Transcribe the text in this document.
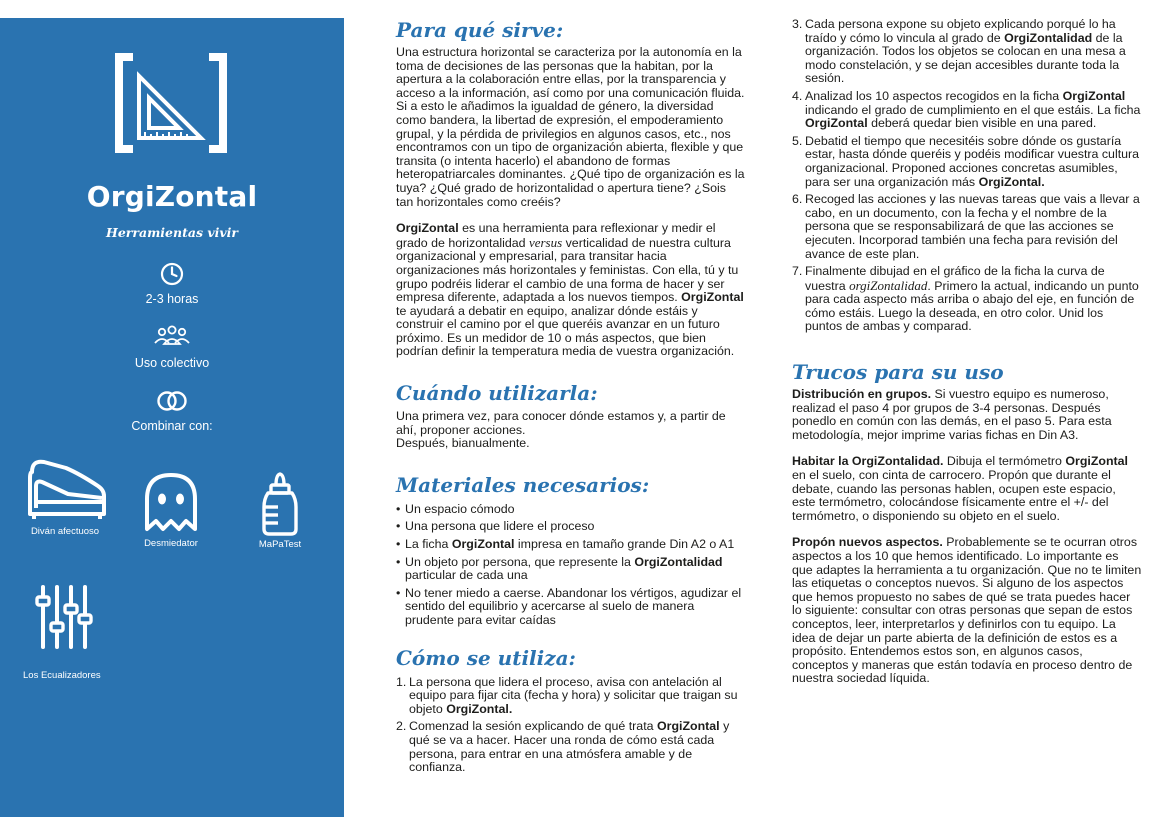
OrgiZontal
Herramientas vivir
2-3 horas
Uso colectivo
Combinar con:
Diván afectuoso
Desmiedator	MaPaTest
Los Ecualizadores
Para qué sirve:

Una estructura horizontal se caracteriza por la autonomía en la toma de decisiones de las personas que la habitan, por la apertura a la colaboración entre ellas, por la transparencia y acceso a la información, así como por una comunicación fluida. Si a esto le añadimos la igualdad de género, la diversidad como bandera, la libertad de expresión, el empoderamiento grupal, y la pérdida de privilegios en algunos casos, etc., nos encontramos con un tipo de organización abierta, flexible y que transita (o intenta hacerlo) el abandono de formas heteropatriarcales dominantes. ¿Qué tipo de organización es la tuya? ¿Qué grado de horizontalidad o apertura tiene? ¿Sois tan horizontales como creéis?

OrgiZontal es una herramienta para reflexionar y medir el grado de horizontalidad versus verticalidad de nuestra cultura organizacional y empresarial, para transitar hacia organizaciones más horizontales y feministas. Con ella, tú y tu grupo podréis liderar el cambio de una forma de hacer y ser empresa diferente, adaptada a los nuevos tiempos. OrgiZontal te ayudará a debatir en equipo, analizar dónde estáis y construir el camino por el que queréis avanzar en un futuro próximo. Es un medidor de 10 o más aspectos, que bien podrían definir la temperatura media de vuestra organización.

Cuándo utilizarla:

Una primera vez, para conocer dónde estamos y, a partir de ahí, proponer acciones.

Después, bianualmente.

Materiales necesarios:
• Un espacio cómodo
• Una persona que lidere el proceso
• La ficha OrgiZontal impresa en tamaño grande Din A2 o A1
• Un objeto por persona, que represente la OrgiZontalidad particular de cada una
• No tener miedo a caerse. Abandonar los vértigos, agudizar el sentido del equilibrio y acercarse al suelo de manera prudente para evitar caídas
Cómo se utiliza:
1. La persona que lidera el proceso, avisa con antelación al equipo para fijar cita (fecha y hora) y solicitar que traigan su objeto OrgiZontal.
2. Comenzad la sesión explicando de qué trata OrgiZontal y qué se va a hacer. Hacer una ronda de cómo está cada persona, para entrar en una atmósfera amable y de confianza.
3. Cada persona expone su objeto explicando porqué lo ha traído y cómo lo vincula al grado de OrgiZontalidad de la organización. Todos los objetos se colocan en una mesa a modo constelación, y se dejan accesibles durante toda la sesión.
4. Analizad los 10 aspectos recogidos en la ficha OrgiZontal indicando el grado de cumplimiento en el que estáis. La ficha OrgiZontal deberá quedar bien visible en una pared.
5. Debatid el tiempo que necesitéis sobre dónde os gustaría estar, hasta dónde queréis y podéis modificar vuestra cultura organizacional. Proponed acciones concretas asumibles, para ser una organización más OrgiZontal.
6. Recoged las acciones y las nuevas tareas que vais a llevar a cabo, en un documento, con la fecha y el nombre de la persona que se responsabilizará de que las acciones se ejecuten. Incorporad también una fecha para revisión del avance de este plan.
7. Finalmente dibujad en el gráfico de la ficha la curva de vuestra orgiZontalidad. Primero la actual, indicando un punto para cada aspecto más arriba o abajo del eje, en función de cómo estáis. Luego la deseada, en otro color. Unid los puntos de ambas y comparad.
Trucos para su uso

Distribución en grupos. Si vuestro equipo es numeroso, realizad el paso 4 por grupos de 3-4 personas. Después ponedlo en común con las demás, en el paso 5. Para esta metodología, mejor imprime varias fichas en Din A3.

Habitar la OrgiZontalidad. Dibuja el termómetro OrgiZontal en el suelo, con cinta de carrocero. Propón que durante el debate, cuando las personas hablen, ocupen este espacio, este termómetro, colocándose físicamente entre el +/- del termómetro, o disponiendo su objeto en el suelo.

Propón nuevos aspectos. Probablemente se te ocurran otros aspectos a los 10 que hemos identificado. Lo importante es que adaptes la herramienta a tu organización. Que no te limiten las etiquetas o conceptos nuevos. Si alguno de los aspectos que hemos propuesto no sabes de qué se trata puedes hacer lo siguiente: consultar con otras personas que sepan de estos conceptos, leer, interpretarlos y definirlos con tu equipo. La idea de dejar un parte abierta de la definición de estos es a propósito. Entendemos estos son, en algunos casos, conceptos y maneras que están todavía en proceso dentro de nuestra sociedad líquida.
